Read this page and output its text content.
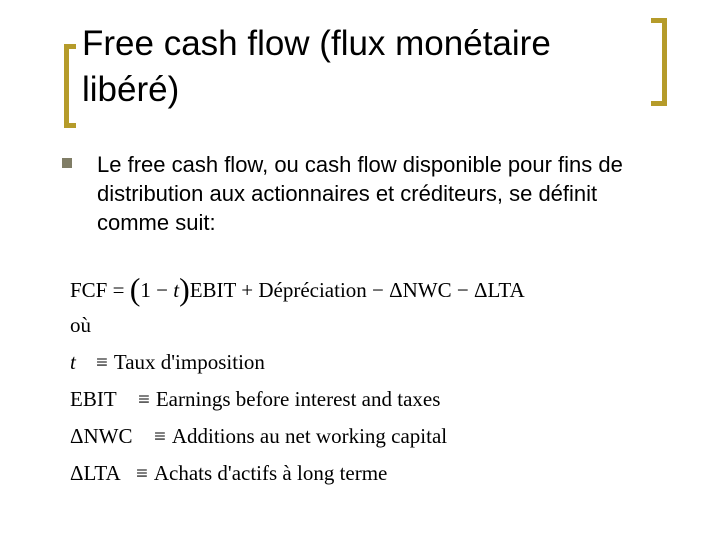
Free cash flow (flux monétaire libéré)
Le free cash flow, ou cash flow disponible pour fins de distribution aux actionnaires et créditeurs, se définit comme suit:
FCF = (1 − t)EBIT + Dépréciation − ΔNWC − ΔLTA
où
t ≡ Taux d'imposition
EBIT ≡ Earnings before interest and taxes
ΔNWC ≡ Additions au net working capital
ΔLTA ≡ Achats d'actifs à long terme
